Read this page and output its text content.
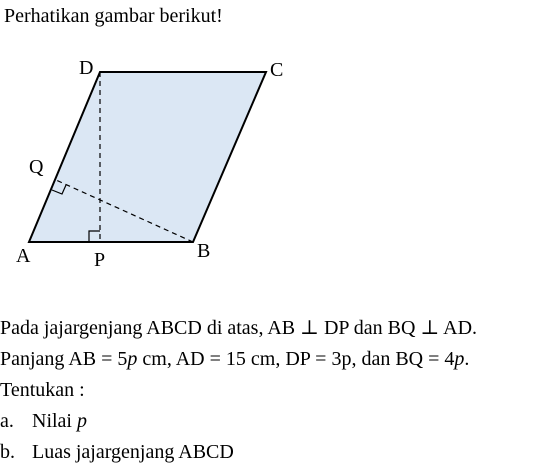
Perhatikan gambar berikut!
A	B
C
D
P
Q
Pada jajargenjang ABCD di atas, AB ⊥ DP dan BQ ⊥ AD.
Panjang AB = 5p cm, AD = 15 cm, DP = 3p, dan BQ = 4p.
Tentukan :
a. Nilai p
b. Luas jajargenjang ABCD
